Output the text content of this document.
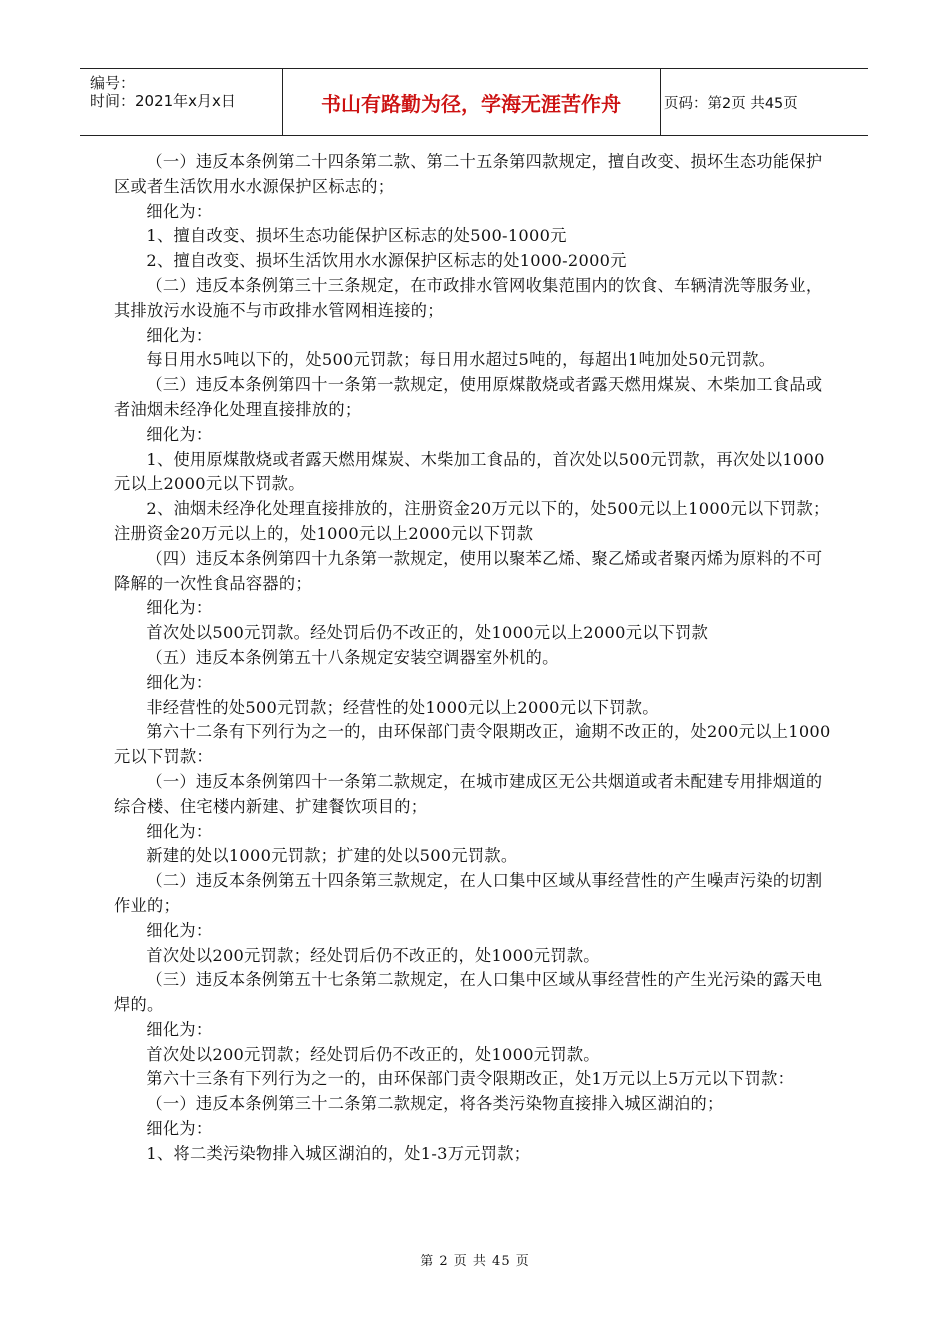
编号：
时间：2021年x月x日	书山有路勤为径，学海无涯苦作舟	页码：第2页 共45页

（一）违反本条例第二十四条第二款、第二十五条第四款规定，擅自改变、损坏生态功能保护区或者生活饮用水水源保护区标志的；

细化为：

1、擅自改变、损坏生态功能保护区标志的处500-1000元

2、擅自改变、损坏生活饮用水水源保护区标志的处1000-2000元

（二）违反本条例第三十三条规定，在市政排水管网收集范围内的饮食、车辆清洗等服务业，其排放污水设施不与市政排水管网相连接的；

细化为：

每日用水5吨以下的，处500元罚款；每日用水超过5吨的，每超出1吨加处50元罚款。

（三）违反本条例第四十一条第一款规定，使用原煤散烧或者露天燃用煤炭、木柴加工食品或者油烟未经净化处理直接排放的；

细化为：

1、使用原煤散烧或者露天燃用煤炭、木柴加工食品的，首次处以500元罚款，再次处以1000元以上2000元以下罚款。

2、油烟未经净化处理直接排放的，注册资金20万元以下的，处500元以上1000元以下罚款；注册资金20万元以上的，处1000元以上2000元以下罚款

（四）违反本条例第四十九条第一款规定，使用以聚苯乙烯、聚乙烯或者聚丙烯为原料的不可降解的一次性食品容器的；

细化为：

首次处以500元罚款。经处罚后仍不改正的，处1000元以上2000元以下罚款

（五）违反本条例第五十八条规定安装空调器室外机的。

细化为：

非经营性的处500元罚款；经营性的处1000元以上2000元以下罚款。

第六十二条有下列行为之一的，由环保部门责令限期改正，逾期不改正的，处200元以上1000元以下罚款：

（一）违反本条例第四十一条第二款规定，在城市建成区无公共烟道或者未配建专用排烟道的综合楼、住宅楼内新建、扩建餐饮项目的；

细化为：

新建的处以1000元罚款；扩建的处以500元罚款。

（二）违反本条例第五十四条第三款规定，在人口集中区域从事经营性的产生噪声污染的切割作业的；

细化为：

首次处以200元罚款；经处罚后仍不改正的，处1000元罚款。

（三）违反本条例第五十七条第二款规定，在人口集中区域从事经营性的产生光污染的露天电焊的。

细化为：

首次处以200元罚款；经处罚后仍不改正的，处1000元罚款。

第六十三条有下列行为之一的，由环保部门责令限期改正，处1万元以上5万元以下罚款：

（一）违反本条例第三十二条第二款规定，将各类污染物直接排入城区湖泊的；

细化为：

1、将二类污染物排入城区湖泊的，处1-3万元罚款；

第 2 页 共 45 页
